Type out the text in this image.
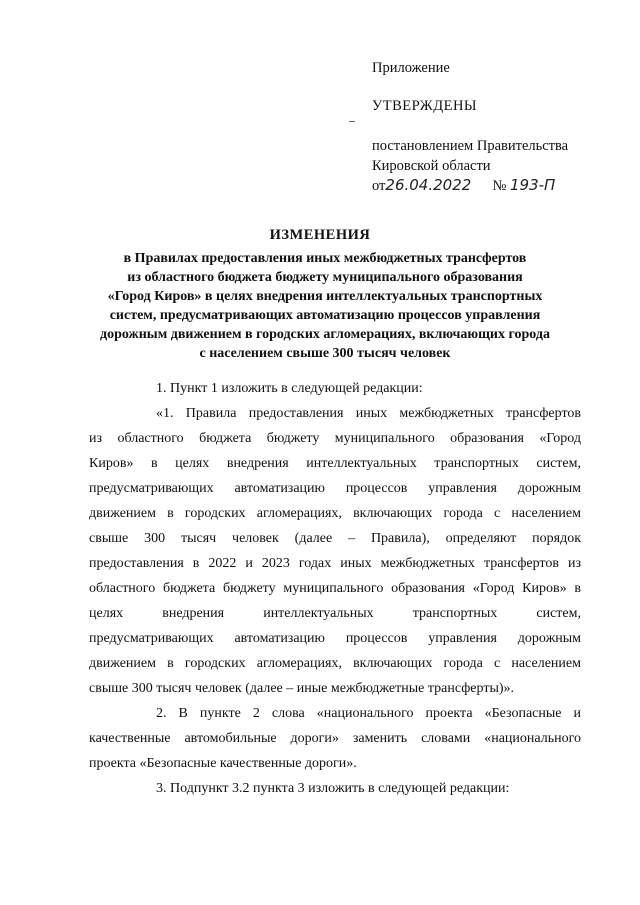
Приложение
УТВЕРЖДЕНЫ
постановлением Правительства
Кировской области
от26.04.2022 № 193-П
ИЗМЕНЕНИЯ
в Правилах предоставления иных межбюджетных трансфертов
из областного бюджета бюджету муниципального образования
«Город Киров» в целях внедрения интеллектуальных транспортных
систем, предусматривающих автоматизацию процессов управления
дорожным движением в городских агломерациях, включающих города
с населением свыше 300 тысяч человек
1. Пункт 1 изложить в следующей редакции:
«1. Правила предоставления иных межбюджетных трансфертов
из областного бюджета бюджету муниципального образования «Город
Киров» в целях внедрения интеллектуальных транспортных систем,
предусматривающих автоматизацию процессов управления дорожным
движением в городских агломерациях, включающих города с населением
свыше 300 тысяч человек (далее – Правила), определяют порядок
предоставления в 2022 и 2023 годах иных межбюджетных трансфертов из
областного бюджета бюджету муниципального образования «Город Киров» в
целях внедрения интеллектуальных транспортных систем,
предусматривающих автоматизацию процессов управления дорожным
движением в городских агломерациях, включающих города с населением
свыше 300 тысяч человек (далее – иные межбюджетные трансферты)».
2. В пункте 2 слова «национального проекта «Безопасные и
качественные автомобильные дороги» заменить словами «национального
проекта «Безопасные качественные дороги».
3. Подпункт 3.2 пункта 3 изложить в следующей редакции:
